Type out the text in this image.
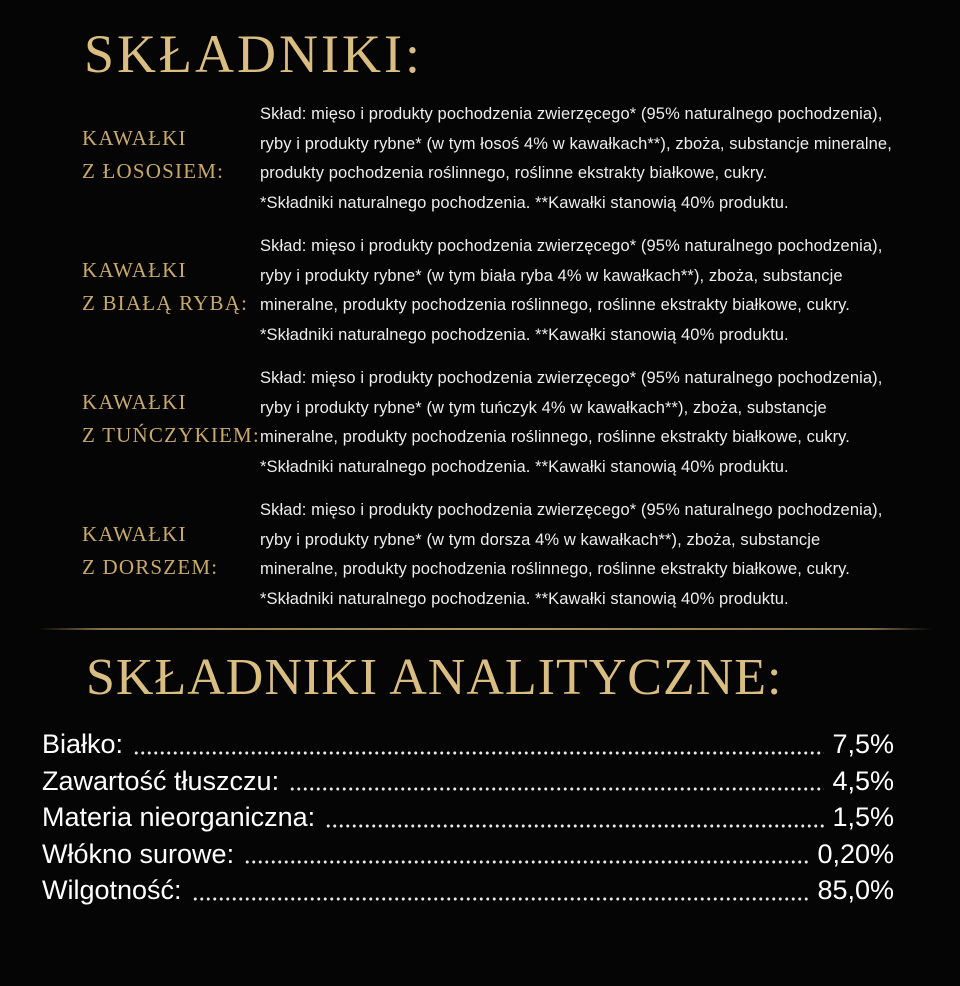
SKŁADNIKI:
KAWAŁKI
Z ŁOSOSIEM:
Skład: mięso i produkty pochodzenia zwierzęcego* (95% naturalnego pochodzenia),
ryby i produkty rybne* (w tym łosoś 4% w kawałkach**), zboża, substancje mineralne,
produkty pochodzenia roślinnego, roślinne ekstrakty białkowe, cukry.
*Składniki naturalnego pochodzenia. **Kawałki stanowią 40% produktu.
KAWAŁKI
Z BIAŁĄ RYBĄ:
Skład: mięso i produkty pochodzenia zwierzęcego* (95% naturalnego pochodzenia),
ryby i produkty rybne* (w tym biała ryba 4% w kawałkach**), zboża, substancje
mineralne, produkty pochodzenia roślinnego, roślinne ekstrakty białkowe, cukry.
*Składniki naturalnego pochodzenia. **Kawałki stanowią 40% produktu.
KAWAŁKI
Z TUŃCZYKIEM:
Skład: mięso i produkty pochodzenia zwierzęcego* (95% naturalnego pochodzenia),
ryby i produkty rybne* (w tym tuńczyk 4% w kawałkach**), zboża, substancje
mineralne, produkty pochodzenia roślinnego, roślinne ekstrakty białkowe, cukry.
*Składniki naturalnego pochodzenia. **Kawałki stanowią 40% produktu.
KAWAŁKI
Z DORSZEM:
Skład: mięso i produkty pochodzenia zwierzęcego* (95% naturalnego pochodzenia),
ryby i produkty rybne* (w tym dorsza 4% w kawałkach**), zboża, substancje
mineralne, produkty pochodzenia roślinnego, roślinne ekstrakty białkowe, cukry.
*Składniki naturalnego pochodzenia. **Kawałki stanowią 40% produktu.
SKŁADNIKI ANALITYCZNE:
Białko:	7,5%
Zawartość tłuszczu:	4,5%
Materia nieorganiczna:	1,5%
Włókno surowe:	0,20%
Wilgotność:	85,0%
